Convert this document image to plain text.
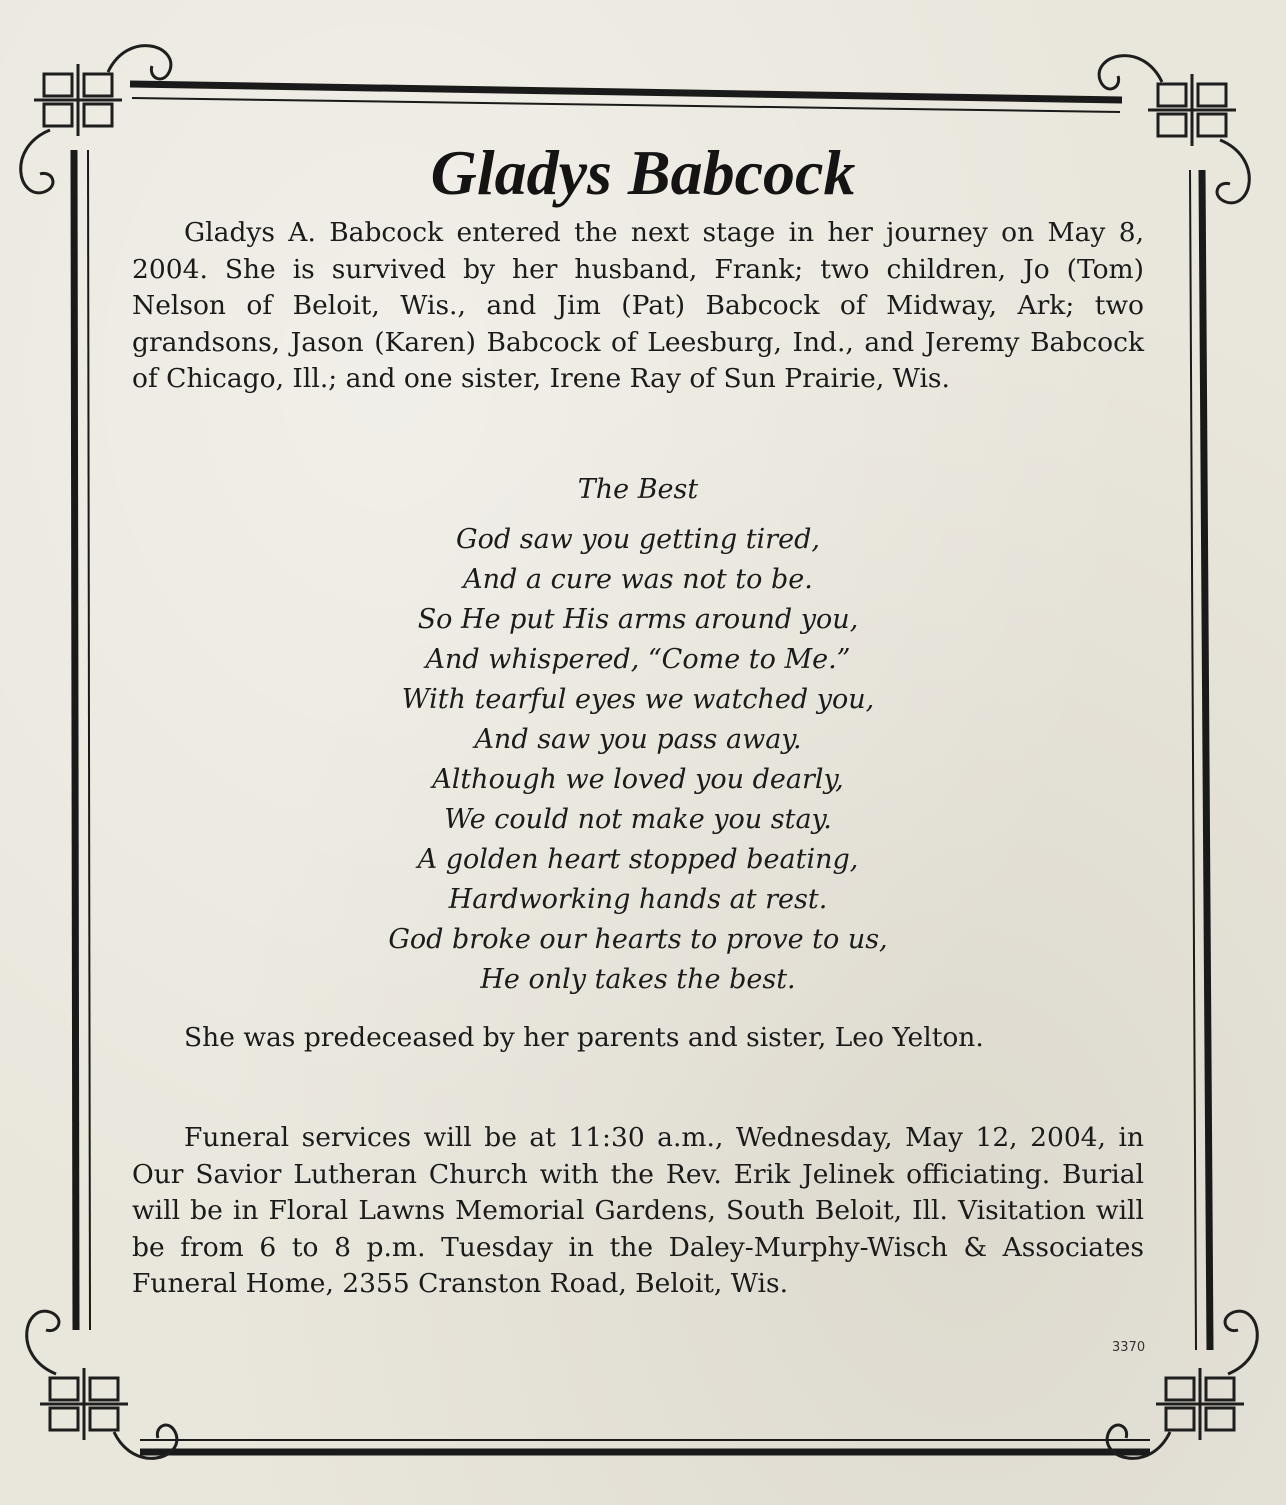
Gladys Babcock

Gladys A. Babcock entered the next stage in her journey on May 8, 2004. She is survived by her husband, Frank; two children, Jo (Tom) Nelson of Beloit, Wis., and Jim (Pat) Babcock of Midway, Ark; two grandsons, Jason (Karen) Babcock of Leesburg, Ind., and Jeremy Babcock of Chicago, Ill.; and one sister, Irene Ray of Sun Prairie, Wis.

The Best
God saw you getting tired,
And a cure was not to be.
So He put His arms around you,
And whispered, “Come to Me.”
With tearful eyes we watched you,
And saw you pass away.
Although we loved you dearly,
We could not make you stay.
A golden heart stopped beating,
Hardworking hands at rest.
God broke our hearts to prove to us,
He only takes the best.

She was predeceased by her parents and sister, Leo Yelton.

Funeral services will be at 11:30 a.m., Wednesday, May 12, 2004, in Our Savior Lutheran Church with the Rev. Erik Jelinek officiating. Burial will be in Floral Lawns Memorial Gardens, South Beloit, Ill. Visitation will be from 6 to 8 p.m. Tuesday in the Daley-Murphy-Wisch & Associates Funeral Home, 2355 Cranston Road, Beloit, Wis.

3370
